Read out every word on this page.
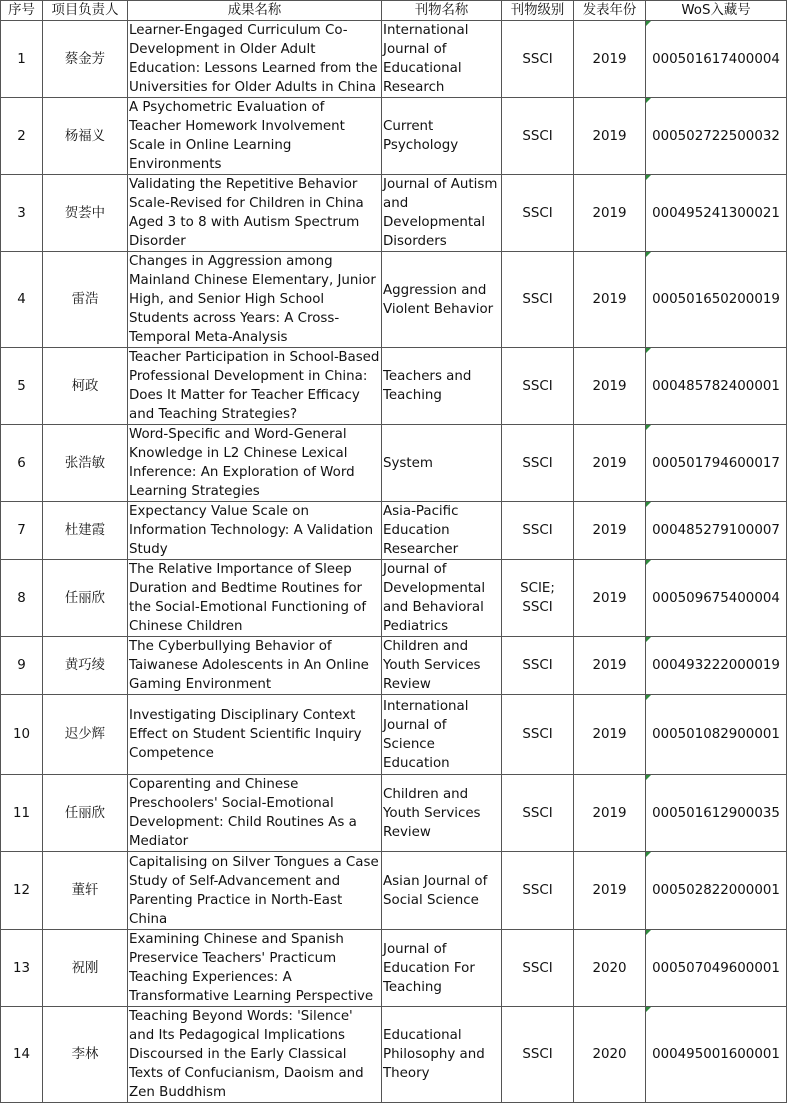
序号	项目负责人	成果名称	刊物名称	刊物级别	发表年份	WoS入藏号
1	蔡金芳	Learner-Engaged Curriculum Co-Development in Older Adult Education: Lessons Learned from the Universities for Older Adults in China	International Journal of Educational Research	SSCI	2019	000501617400004
2	杨福义	A Psychometric Evaluation of Teacher Homework Involvement Scale in Online Learning Environments	Current Psychology	SSCI	2019	000502722500032
3	贺荟中	Validating the Repetitive Behavior Scale-Revised for Children in China Aged 3 to 8 with Autism Spectrum Disorder	Journal of Autism and Developmental Disorders	SSCI	2019	000495241300021
4	雷浩	Changes in Aggression among Mainland Chinese Elementary, Junior High, and Senior High School Students across Years: A Cross-Temporal Meta-Analysis	Aggression and Violent Behavior	SSCI	2019	000501650200019
5	柯政	Teacher Participation in School-Based Professional Development in China: Does It Matter for Teacher Efficacy and Teaching Strategies?	Teachers and Teaching	SSCI	2019	000485782400001
6	张浩敏	Word-Specific and Word-General Knowledge in L2 Chinese Lexical Inference: An Exploration of Word Learning Strategies	System	SSCI	2019	000501794600017
7	杜建霞	Expectancy Value Scale on Information Technology: A Validation Study	Asia-Pacific Education Researcher	SSCI	2019	000485279100007
8	任丽欣	The Relative Importance of Sleep Duration and Bedtime Routines for the Social-Emotional Functioning of Chinese Children	Journal of Developmental and Behavioral Pediatrics	SCIE; SSCI	2019	000509675400004
9	黄巧绫	The Cyberbullying Behavior of Taiwanese Adolescents in An Online Gaming Environment	Children and Youth Services Review	SSCI	2019	000493222000019
10	迟少辉	Investigating Disciplinary Context Effect on Student Scientific Inquiry Competence	International Journal of Science Education	SSCI	2019	000501082900001
11	任丽欣	Coparenting and Chinese Preschoolers' Social-Emotional Development: Child Routines As a Mediator	Children and Youth Services Review	SSCI	2019	000501612900035
12	董轩	Capitalising on Silver Tongues a Case Study of Self-Advancement and Parenting Practice in North-East China	Asian Journal of Social Science	SSCI	2019	000502822000001
13	祝刚	Examining Chinese and Spanish Preservice Teachers' Practicum Teaching Experiences: A Transformative Learning Perspective	Journal of Education For Teaching	SSCI	2020	000507049600001
14	李林	Teaching Beyond Words: 'Silence' and Its Pedagogical Implications Discoursed in the Early Classical Texts of Confucianism, Daoism and Zen Buddhism	Educational Philosophy and Theory	SSCI	2020	000495001600001
